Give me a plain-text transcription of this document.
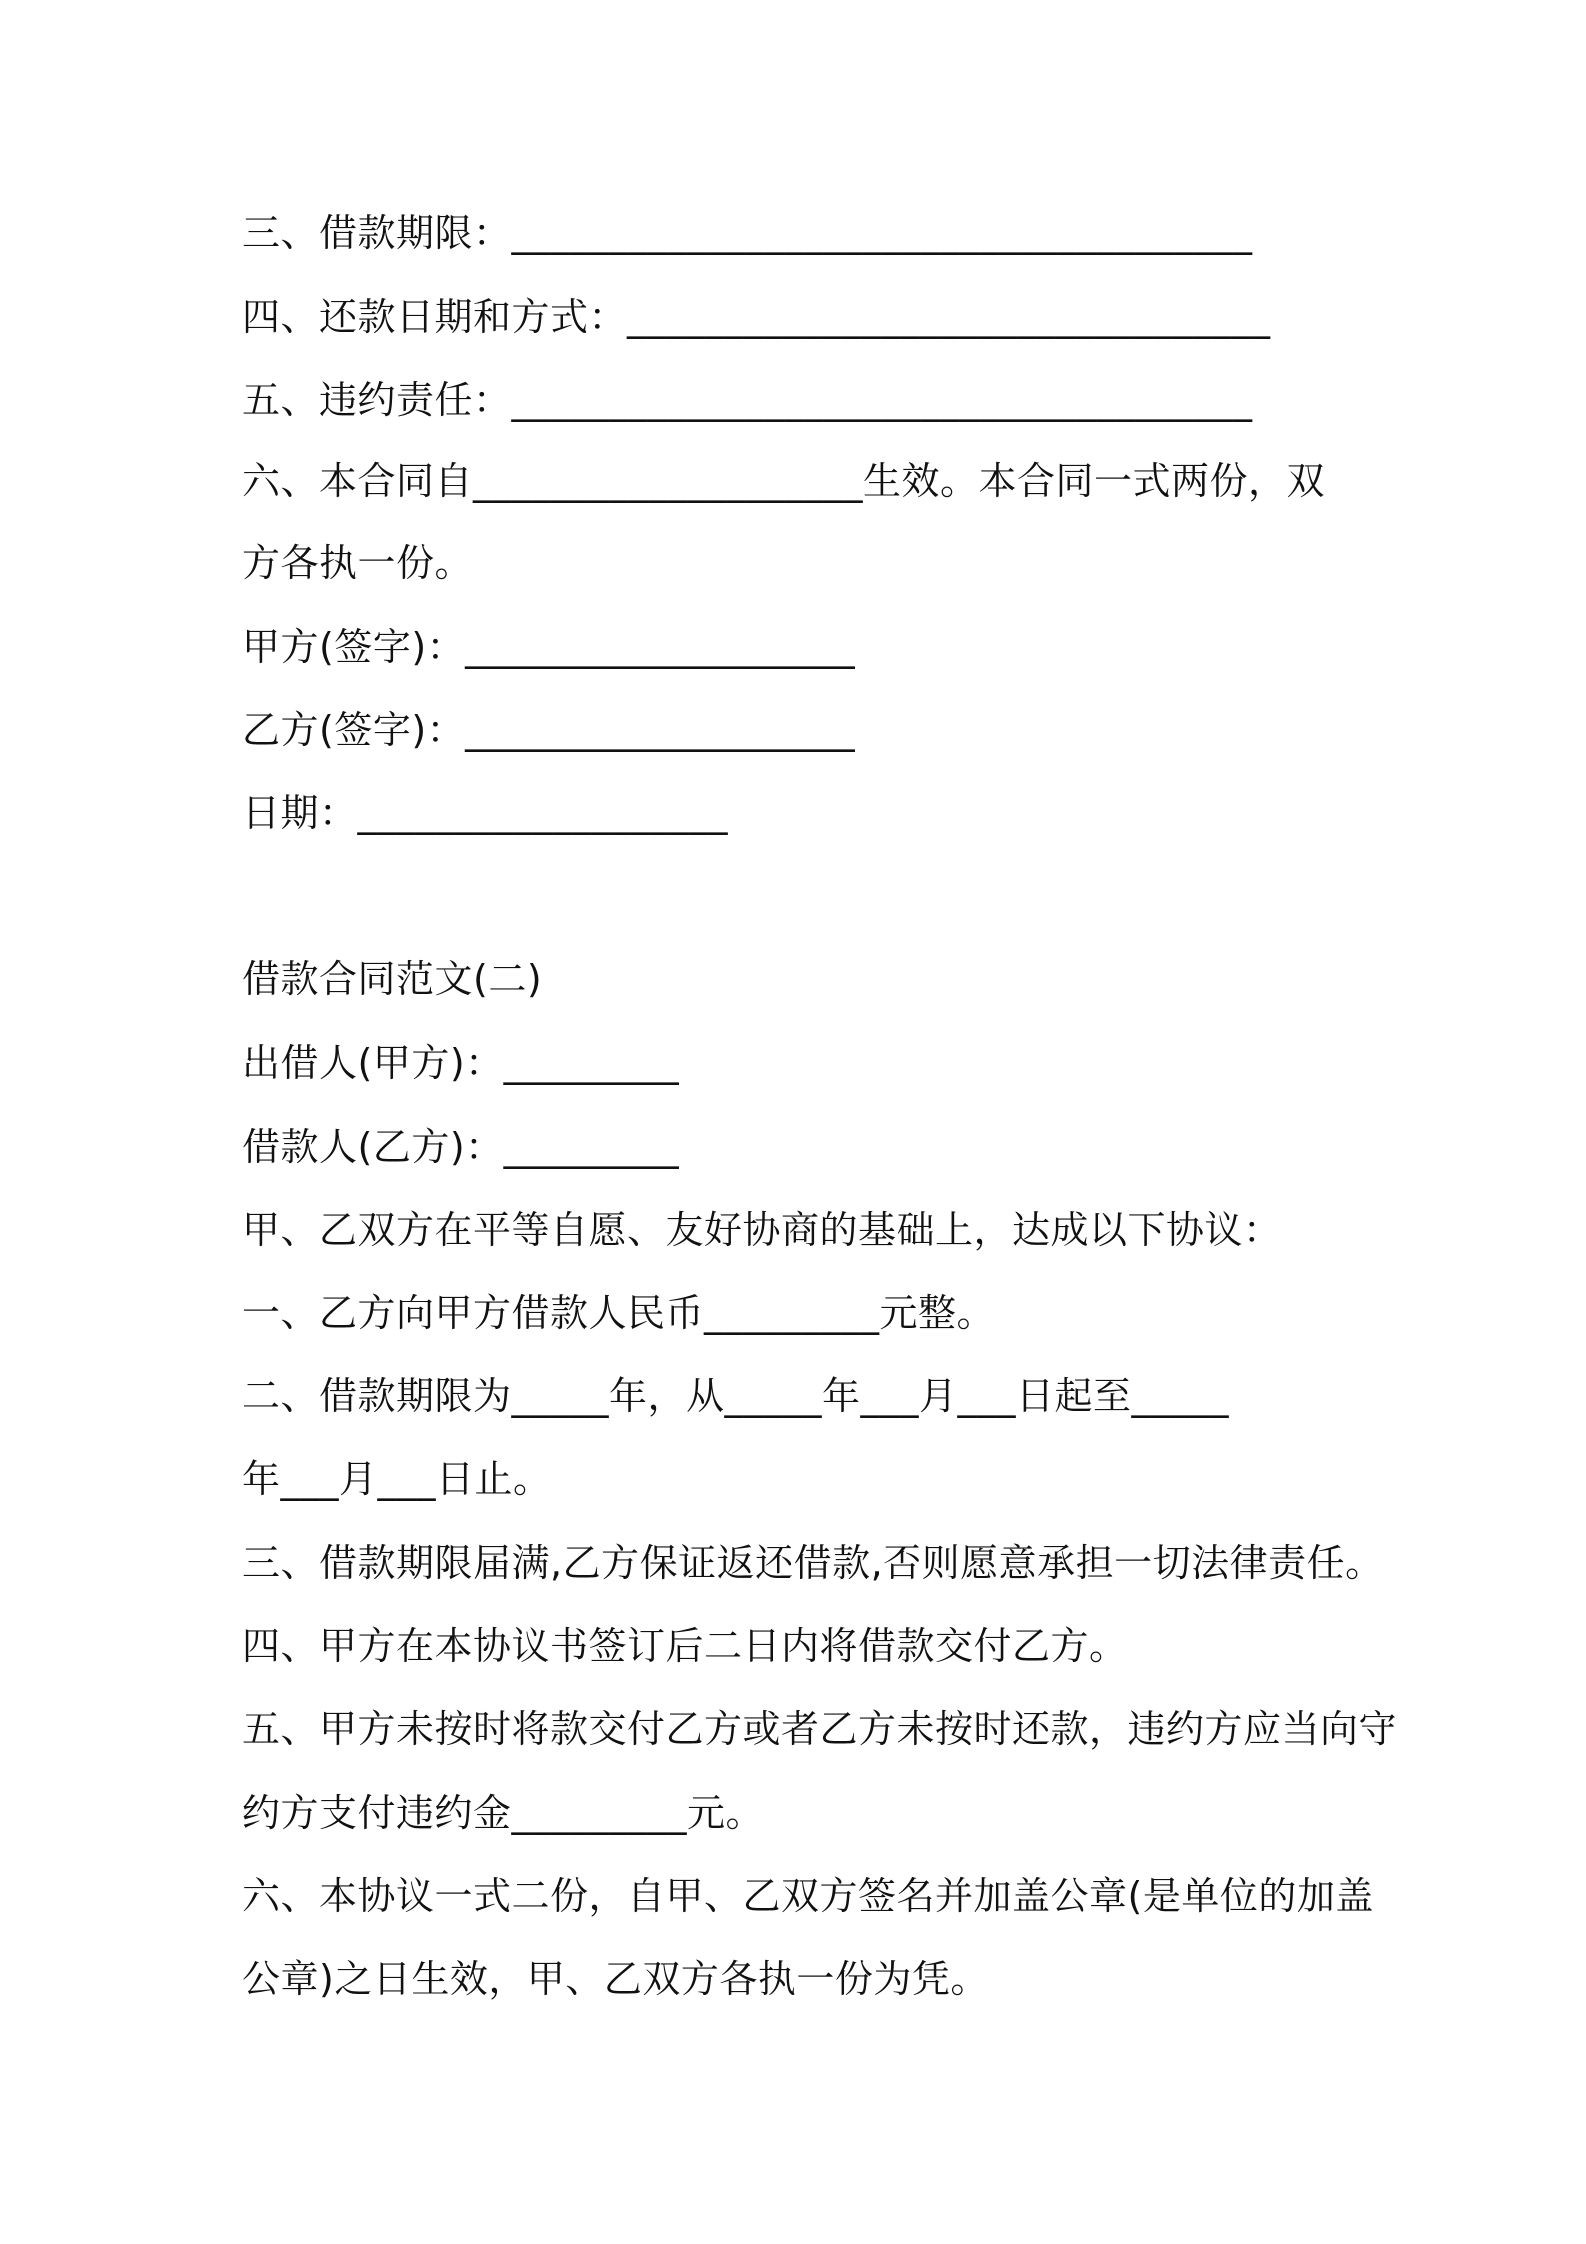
三、借款期限：______________________________________
四、还款日期和方式：_________________________________
五、违约责任：______________________________________
六、本合同自____________________生效。本合同一式两份，双
方各执一份。
甲方(签字)：____________________
乙方(签字)：____________________
日期：___________________
借款合同范文(二)
出借人(甲方)：_________
借款人(乙方)：_________
甲、乙双方在平等自愿、友好协商的基础上，达成以下协议：
一、乙方向甲方借款人民币_________元整。
二、借款期限为_____年，从_____年___月___日起至_____
年___月___日止。
三、借款期限届满,乙方保证返还借款,否则愿意承担一切法律责任。
四、甲方在本协议书签订后二日内将借款交付乙方。
五、甲方未按时将款交付乙方或者乙方未按时还款，违约方应当向守
约方支付违约金_________元。
六、本协议一式二份，自甲、乙双方签名并加盖公章(是单位的加盖
公章)之日生效，甲、乙双方各执一份为凭。
